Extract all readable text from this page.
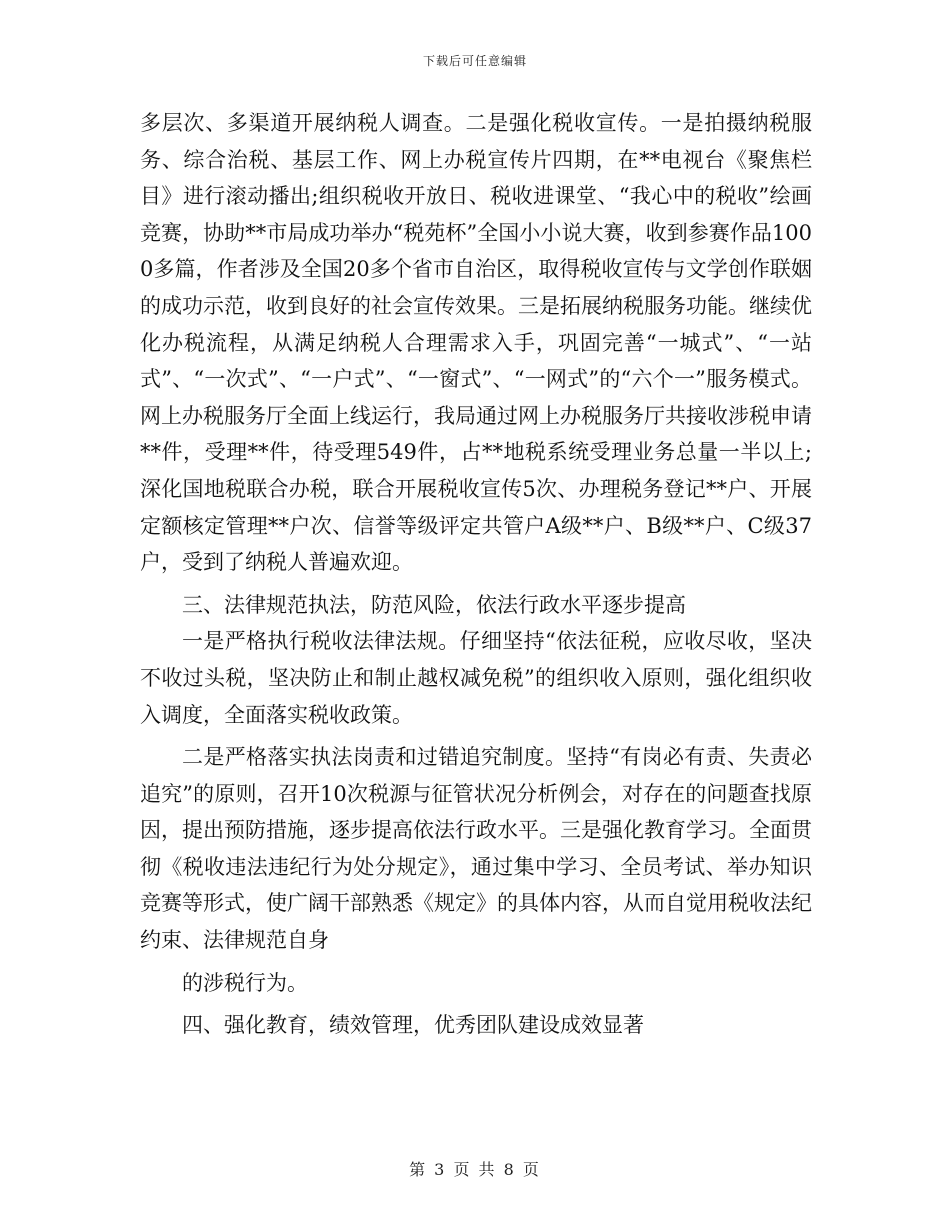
下载后可任意编辑

多层次、多渠道开展纳税人调查。二是强化税收宣传。一是拍摄纳税服务、综合治税、基层工作、网上办税宣传片四期，在**电视台《聚焦栏目》进行滚动播出;组织税收开放日、税收进课堂、“我心中的税收”绘画竞赛，协助**市局成功举办“税苑杯”全国小小说大赛，收到参赛作品1000多篇，作者涉及全国20多个省市自治区，取得税收宣传与文学创作联姻的成功示范，收到良好的社会宣传效果。三是拓展纳税服务功能。继续优化办税流程，从满足纳税人合理需求入手，巩固完善“一城式”、“一站式”、“一次式”、“一户式”、“一窗式”、“一网式”的“六个一”服务模式。网上办税服务厅全面上线运行，我局通过网上办税服务厅共接收涉税申请**件，受理**件，待受理549件，占**地税系统受理业务总量一半以上;深化国地税联合办税，联合开展税收宣传5次、办理税务登记**户、开展定额核定管理**户次、信誉等级评定共管户A级**户、B级**户、C级37户，受到了纳税人普遍欢迎。

三、法律规范执法，防范风险，依法行政水平逐步提高

一是严格执行税收法律法规。仔细坚持“依法征税，应收尽收，坚决不收过头税，坚决防止和制止越权减免税”的组织收入原则，强化组织收入调度，全面落实税收政策。

二是严格落实执法岗责和过错追究制度。坚持“有岗必有责、失责必追究”的原则，召开10次税源与征管状况分析例会，对存在的问题查找原因，提出预防措施，逐步提高依法行政水平。三是强化教育学习。全面贯彻《税收违法违纪行为处分规定》，通过集中学习、全员考试、举办知识竞赛等形式，使广阔干部熟悉《规定》的具体内容，从而自觉用税收法纪约束、法律规范自身

的涉税行为。

四、强化教育，绩效管理，优秀团队建设成效显著

第 3 页 共 8 页
